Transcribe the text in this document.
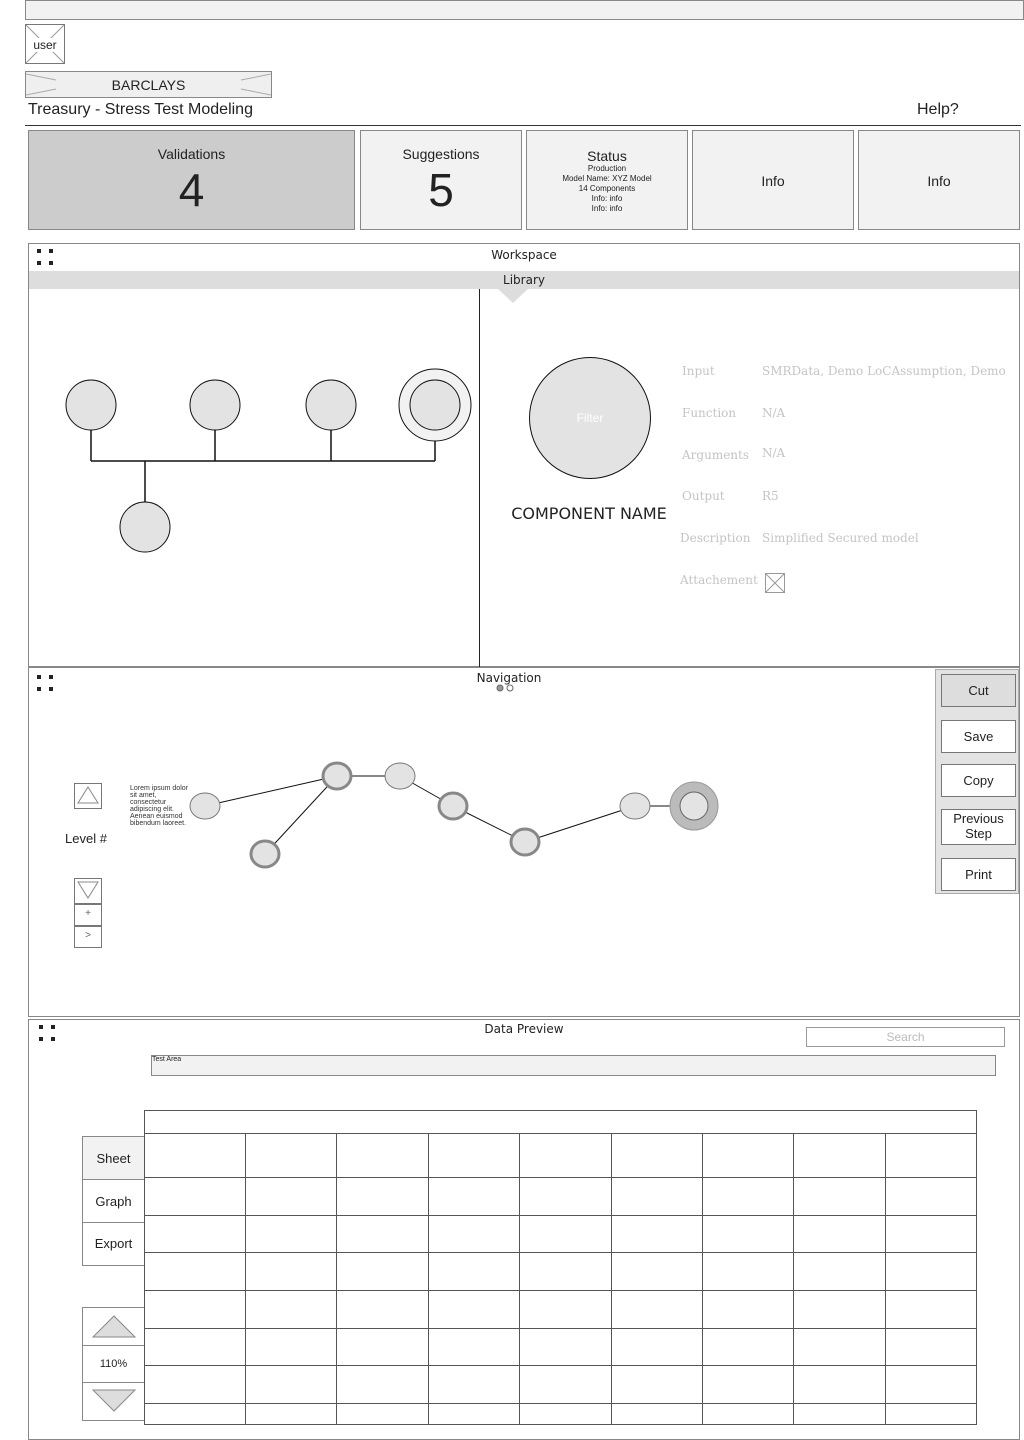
user
BARCLAYS
Treasury - Stress Test Modeling	Help?
Validations
4
Suggestions
5
Status
Production
Model Name: XYZ Model
14 Components
Info: info
Info: info
Info	Info
Workspace
Library
Filter
COMPONENT NAME
Input	SMRData, Demo LoCAssumption, Demo
Function N/A
Arguments N/A
Output	R5
Description Simplified Secured model
Attachement
Navigation
Level #
+
>
Lorem ipsum dolor sit amet, consectetur adipiscing elit. Aenean euismod bibendum laoreet.
Cut
Save
Copy
Previous Step
Print
Data Preview
Search
Test Area
Sheet
Graph
Export
110%
